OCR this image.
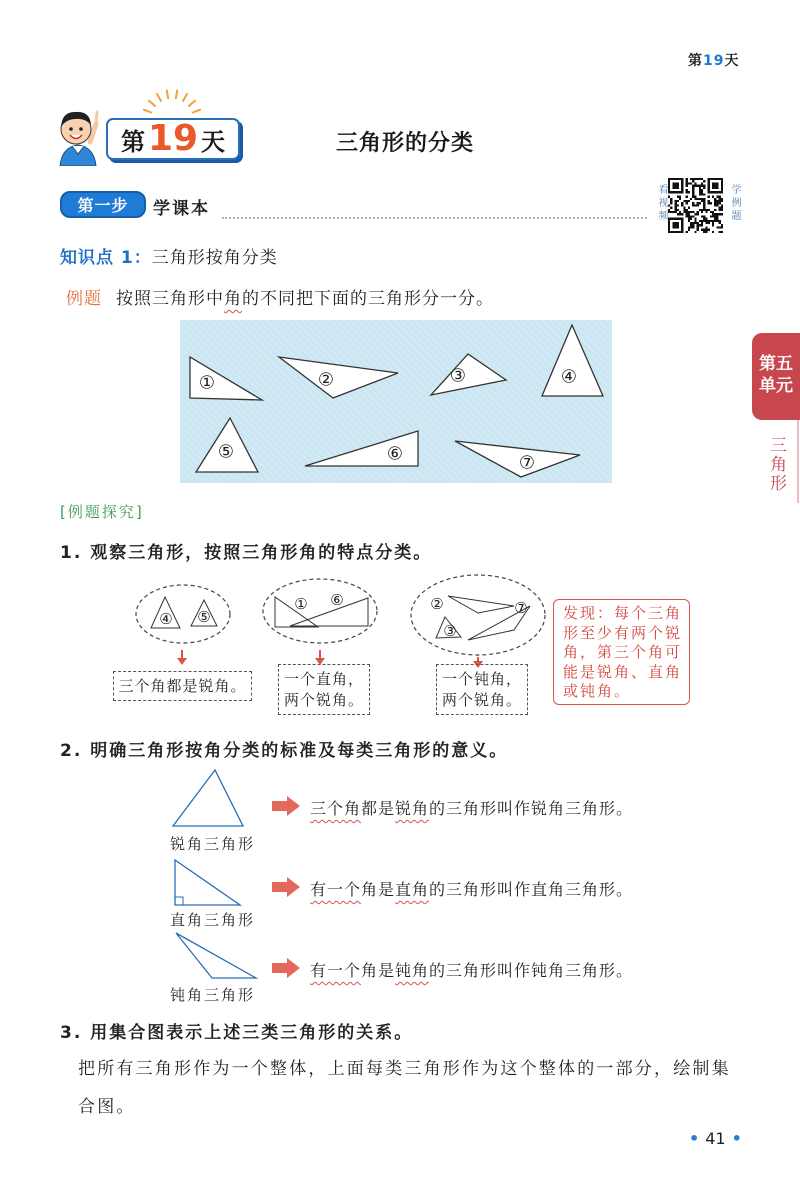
第19天
第 19 天	三角形的分类
第一步	学课本	看视频	学例题
知识点 1：三角形按角分类
例题 按照三角形中角的不同把下面的三角形分一分。
①	②	③	④
⑤	⑥	⑦
[例题探究]
1. 观察三角形，按照三角形角的特点分类。
④ ⑤
① ⑥	②	⑦
③
三个角都是锐角。 一个直角，
两个锐角。
一个钝角，
两个锐角。
发现：每个三角形至少有两个锐角，第三个角可能是锐角、直角或钝角。
2. 明确三角形按角分类的标准及每类三角形的意义。
锐角三角形
直角三角形
钝角三角形
三个角都是锐角的三角形叫作锐角三角形。
有一个角是直角的三角形叫作直角三角形。
有一个角是钝角的三角形叫作钝角三角形。
3. 用集合图表示上述三类三角形的关系。
把所有三角形作为一个整体，上面每类三角形作为这个整体的一部分，绘制集合图。
• 41 •
第五
单元
三角形
